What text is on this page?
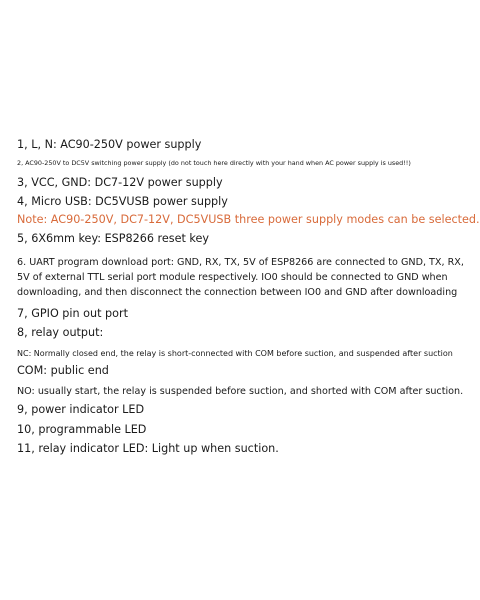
1, L, N: AC90-250V power supply
2, AC90-250V to DC5V switching power supply (do not touch here directly with your hand when AC power supply is used!!)
3, VCC, GND: DC7-12V power supply
4, Micro USB: DC5VUSB power supply
Note: AC90-250V, DC7-12V, DC5VUSB three power supply modes can be selected.
5, 6X6mm key: ESP8266 reset key
6. UART program download port: GND, RX, TX, 5V of ESP8266 are connected to GND, TX, RX,
5V of external TTL serial port module respectively. IO0 should be connected to GND when
downloading, and then disconnect the connection between IO0 and GND after downloading
7, GPIO pin out port
8, relay output:
NC: Normally closed end, the relay is short-connected with COM before suction, and suspended after suction
COM: public end
NO: usually start, the relay is suspended before suction, and shorted with COM after suction.
9, power indicator LED
10, programmable LED
11, relay indicator LED: Light up when suction.
